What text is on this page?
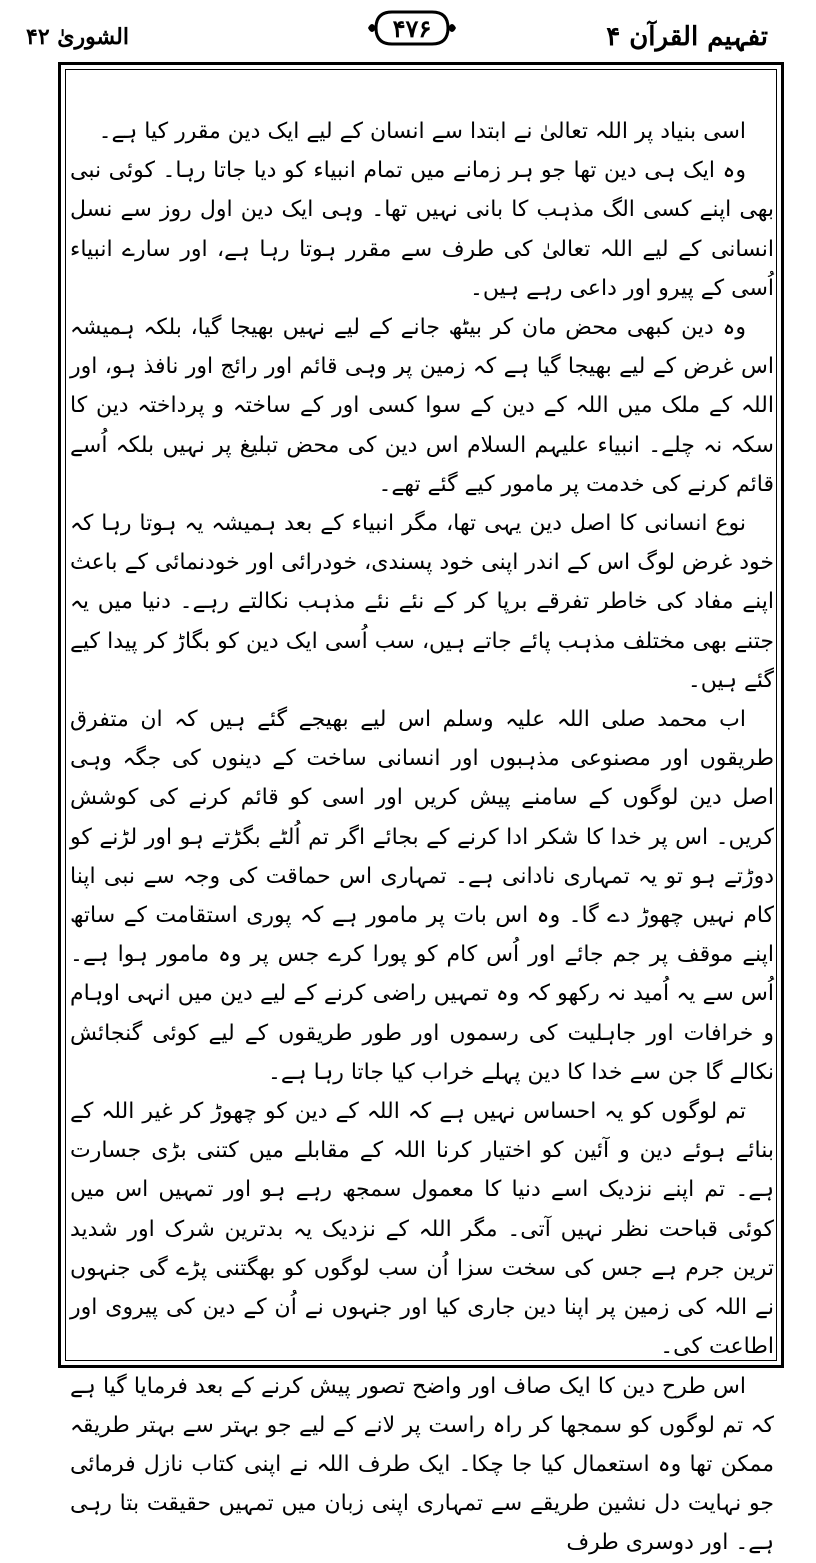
تفہیم القرآن ۴
۴۷۶
الشوریٰ ۴۲

اسی بنیاد پر اللہ تعالیٰ نے ابتدا سے انسان کے لیے ایک دین مقرر کیا ہے۔

وہ ایک ہی دین تھا جو ہر زمانے میں تمام انبیاء کو دیا جاتا رہا۔ کوئی نبی بھی اپنے کسی الگ مذہب کا بانی نہیں تھا۔ وہی ایک دین اول روز سے نسل انسانی کے لیے اللہ تعالیٰ کی طرف سے مقرر ہوتا رہا ہے، اور سارے انبیاء اُسی کے پیرو اور داعی رہے ہیں۔

وہ دین کبھی محض مان کر بیٹھ جانے کے لیے نہیں بھیجا گیا، بلکہ ہمیشہ اس غرض کے لیے بھیجا گیا ہے کہ زمین پر وہی قائم اور رائج اور نافذ ہو، اور اللہ کے ملک میں اللہ کے دین کے سوا کسی اور کے ساختہ و پرداختہ دین کا سکہ نہ چلے۔ انبیاء علیہم السلام اس دین کی محض تبلیغ پر نہیں بلکہ اُسے قائم کرنے کی خدمت پر مامور کیے گئے تھے۔

نوع انسانی کا اصل دین یہی تھا، مگر انبیاء کے بعد ہمیشہ یہ ہوتا رہا کہ خود غرض لوگ اس کے اندر اپنی خود پسندی، خودرائی اور خودنمائی کے باعث اپنے مفاد کی خاطر تفرقے برپا کر کے نئے نئے مذہب نکالتے رہے۔ دنیا میں یہ جتنے بھی مختلف مذہب پائے جاتے ہیں، سب اُسی ایک دین کو بگاڑ کر پیدا کیے گئے ہیں۔

اب محمد صلی اللہ علیہ وسلم اس لیے بھیجے گئے ہیں کہ ان متفرق طریقوں اور مصنوعی مذہبوں اور انسانی ساخت کے دینوں کی جگہ وہی اصل دین لوگوں کے سامنے پیش کریں اور اسی کو قائم کرنے کی کوشش کریں۔ اس پر خدا کا شکر ادا کرنے کے بجائے اگر تم اُلٹے بگڑتے ہو اور لڑنے کو دوڑتے ہو تو یہ تمہاری نادانی ہے۔ تمہاری اس حماقت کی وجہ سے نبی اپنا کام نہیں چھوڑ دے گا۔ وہ اس بات پر مامور ہے کہ پوری استقامت کے ساتھ اپنے موقف پر جم جائے اور اُس کام کو پورا کرے جس پر وہ مامور ہوا ہے۔ اُس سے یہ اُمید نہ رکھو کہ وہ تمہیں راضی کرنے کے لیے دین میں انہی اوہام و خرافات اور جاہلیت کی رسموں اور طور طریقوں کے لیے کوئی گنجائش نکالے گا جن سے خدا کا دین پہلے خراب کیا جاتا رہا ہے۔

تم لوگوں کو یہ احساس نہیں ہے کہ اللہ کے دین کو چھوڑ کر غیر اللہ کے بنائے ہوئے دین و آئین کو اختیار کرنا اللہ کے مقابلے میں کتنی بڑی جسارت ہے۔ تم اپنے نزدیک اسے دنیا کا معمول سمجھ رہے ہو اور تمہیں اس میں کوئی قباحت نظر نہیں آتی۔ مگر اللہ کے نزدیک یہ بدترین شرک اور شدید ترین جرم ہے جس کی سخت سزا اُن سب لوگوں کو بھگتنی پڑے گی جنہوں نے اللہ کی زمین پر اپنا دین جاری کیا اور جنہوں نے اُن کے دین کی پیروی اور اطاعت کی۔

اس طرح دین کا ایک صاف اور واضح تصور پیش کرنے کے بعد فرمایا گیا ہے کہ تم لوگوں کو سمجھا کر راہ راست پر لانے کے لیے جو بہتر سے بہتر طریقہ ممکن تھا وہ استعمال کیا جا چکا۔ ایک طرف اللہ نے اپنی کتاب نازل فرمائی جو نہایت دل نشین طریقے سے تمہاری اپنی زبان میں تمہیں حقیقت بتا رہی ہے۔ اور دوسری طرف
